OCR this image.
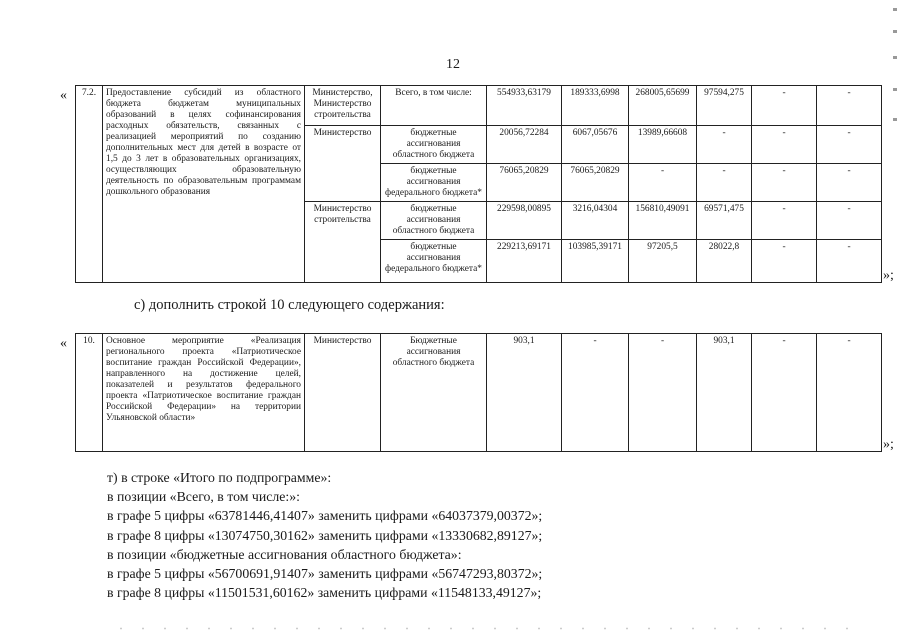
12
« 7.2.	Предоставление субсидий из областного бюджета бюджетам муниципальных образований в целях софинансирования расходных обязательств, связанных с реализацией мероприятий по созданию дополнительных мест для детей в возрасте от 1,5 до 3 лет в образовательных организациях, осуществляющих образовательную деятельность по образовательным программам дошкольного образования	Министерство, Министерство строительства	Всего, в том числе:	554933,63179	189333,6998	268005,65699	97594,275	-	-
		Министерство	бюджетные ассигнования областного бюджета	20056,72284	6067,05676	13989,66608	-	-	-
			бюджетные ассигнования федерального бюджета*	76065,20829	76065,20829	-	-	-	-
		Министерство строительства	бюджетные ассигнования областного бюджета	229598,00895	3216,04304	156810,49091	69571,475	-	-
			бюджетные ассигнования федерального бюджета*	229213,69171	103985,39171	97205,5	28022,8	-	-
»;
с) дополнить строкой 10 следующего содержания:
« 10.	Основное мероприятие «Реализация регионального проекта «Патриотическое воспитание граждан Российской Федерации», направленного на достижение целей, показателей и результатов федерального проекта «Патриотическое воспитание граждан Российской Федерации» на территории Ульяновской области»	Министерство	Бюджетные ассигнования областного бюджета	903,1	-	-	903,1	-	-
»;
т) в строке «Итого по подпрограмме»:
в позиции «Всего, в том числе:»:
в графе 5 цифры «63781446,41407» заменить цифрами «64037379,00372»;
в графе 8 цифры «13074750,30162» заменить цифрами «13330682,89127»;
в позиции «бюджетные ассигнования областного бюджета»:
в графе 5 цифры «56700691,91407» заменить цифрами «56747293,80372»;
в графе 8 цифры «11501531,60162» заменить цифрами «11548133,49127»;
